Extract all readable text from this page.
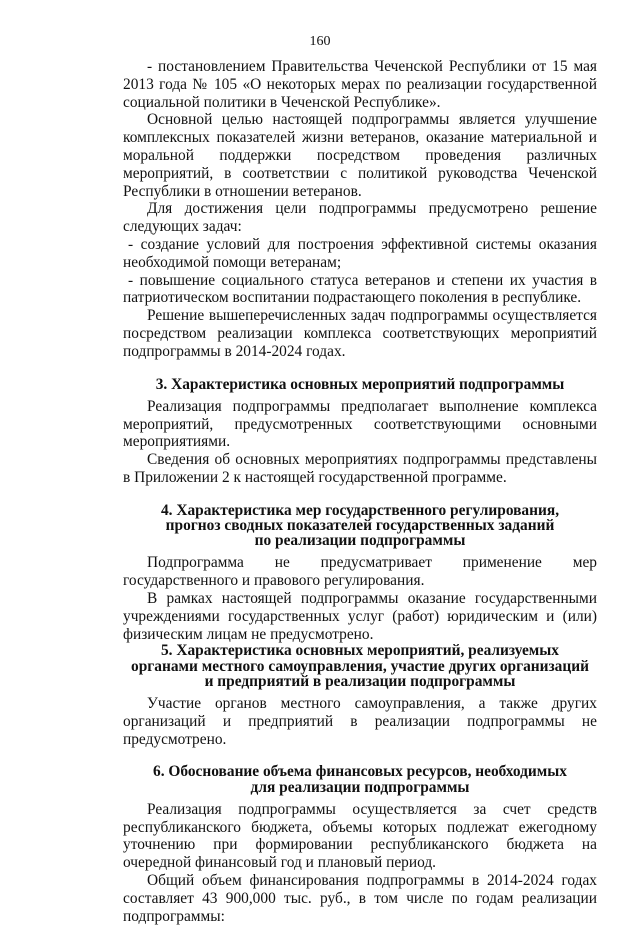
160

- постановлением Правительства Чеченской Республики от 15 мая 2013 года № 105 «О некоторых мерах по реализации государственной социальной политики в Чеченской Республике».

Основной целью настоящей подпрограммы является улучшение комплексных показателей жизни ветеранов, оказание материальной и моральной поддержки посредством проведения различных мероприятий, в соответствии с политикой руководства Чеченской Республики в отношении ветеранов.

Для достижения цели подпрограммы предусмотрено решение следующих задач:

- создание условий для построения эффективной системы оказания необходимой помощи ветеранам;

- повышение социального статуса ветеранов и степени их участия в патриотическом воспитании подрастающего поколения в республике.

Решение вышеперечисленных задач подпрограммы осуществляется посредством реализации комплекса соответствующих мероприятий подпрограммы в 2014-2024 годах.

3. Характеристика основных мероприятий подпрограммы

Реализация подпрограммы предполагает выполнение комплекса мероприятий, предусмотренных соответствующими основными мероприятиями.

Сведения об основных мероприятиях подпрограммы представлены в Приложении 2 к настоящей государственной программе.

4. Характеристика мер государственного регулирования,
прогноз сводных показателей государственных заданий
по реализации подпрограммы

Подпрограмма не предусматривает применение мер государственного и правового регулирования.

В рамках настоящей подпрограммы оказание государственными учреждениями государственных услуг (работ) юридическим и (или) физическим лицам не предусмотрено.

5. Характеристика основных мероприятий, реализуемых
органами местного самоуправления, участие других организаций
и предприятий в реализации подпрограммы

Участие органов местного самоуправления, а также других организаций и предприятий в реализации подпрограммы не предусмотрено.

6. Обоснование объема финансовых ресурсов, необходимых
для реализации подпрограммы

Реализация подпрограммы осуществляется за счет средств республиканского бюджета, объемы которых подлежат ежегодному уточнению при формировании республиканского бюджета на очередной финансовый год и плановый период.

Общий объем финансирования подпрограммы в 2014-2024 годах составляет 43 900,000 тыс. руб., в том числе по годам реализации подпрограммы:
